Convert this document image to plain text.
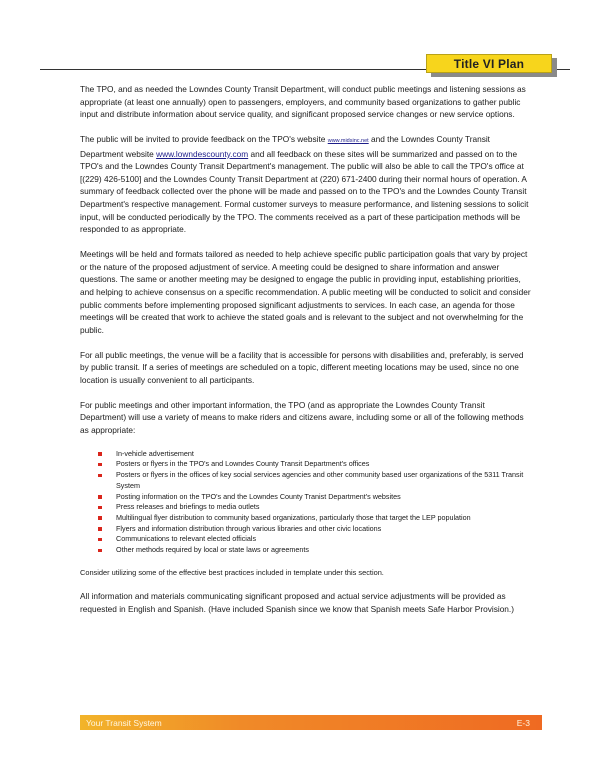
Title VI Plan

The TPO, and as needed the Lowndes County Transit Department, will conduct public meetings and listening sessions as appropriate (at least one annually) open to passengers, employers, and community based organizations to gather public input and distribute information about service quality, and significant proposed service changes or new service options.

The public will be invited to provide feedback on the TPO's website www.midsinc.net and the Lowndes County Transit Department website www.lowndescounty.com and all feedback on these sites will be summarized and passed on to the TPO's and the Lowndes County Transit Department's management. The public will also be able to call the TPO's office at [(229) 426-5100] and the Lowndes County Transit Department at (220) 671-2400 during their normal hours of operation. A summary of feedback collected over the phone will be made and passed on to the TPO's and the Lowndes County Transit Department's respective management. Formal customer surveys to measure performance, and listening sessions to solicit input, will be conducted periodically by the TPO. The comments received as a part of these participation methods will be responded to as appropriate.

Meetings will be held and formats tailored as needed to help achieve specific public participation goals that vary by project or the nature of the proposed adjustment of service. A meeting could be designed to share information and answer questions. The same or another meeting may be designed to engage the public in providing input, establishing priorities, and helping to achieve consensus on a specific recommendation. A public meeting will be conducted to solicit and consider public comments before implementing proposed significant adjustments to services. In each case, an agenda for those meetings will be created that work to achieve the stated goals and is relevant to the subject and not overwhelming for the public.

For all public meetings, the venue will be a facility that is accessible for persons with disabilities and, preferably, is served by public transit. If a series of meetings are scheduled on a topic, different meeting locations may be used, since no one location is usually convenient to all participants.

For public meetings and other important information, the TPO (and as appropriate the Lowndes County Transit Department) will use a variety of means to make riders and citizens aware, including some or all of the following methods as appropriate:

In-vehicle advertisement
Posters or flyers in the TPO's and Lowndes County Transit Department's offices
Posters or flyers in the offices of key social services agencies and other community based user organizations of the 5311 Transit System
Posting information on the TPO's and the Lowndes County Tranist Department's websites
Press releases and briefings to media outlets
Multilingual flyer distribution to community based organizations, particularly those that target the LEP population
Flyers and information distribution through various libraries and other civic locations
Communications to relevant elected officials
Other methods required by local or state laws or agreements

Consider utilizing some of the effective best practices included in template under this section.

All information and materials communicating significant proposed and actual service adjustments will be provided as requested in English and Spanish. (Have included Spanish since we know that Spanish meets Safe Harbor Provision.)

Your Transit System	E-3
